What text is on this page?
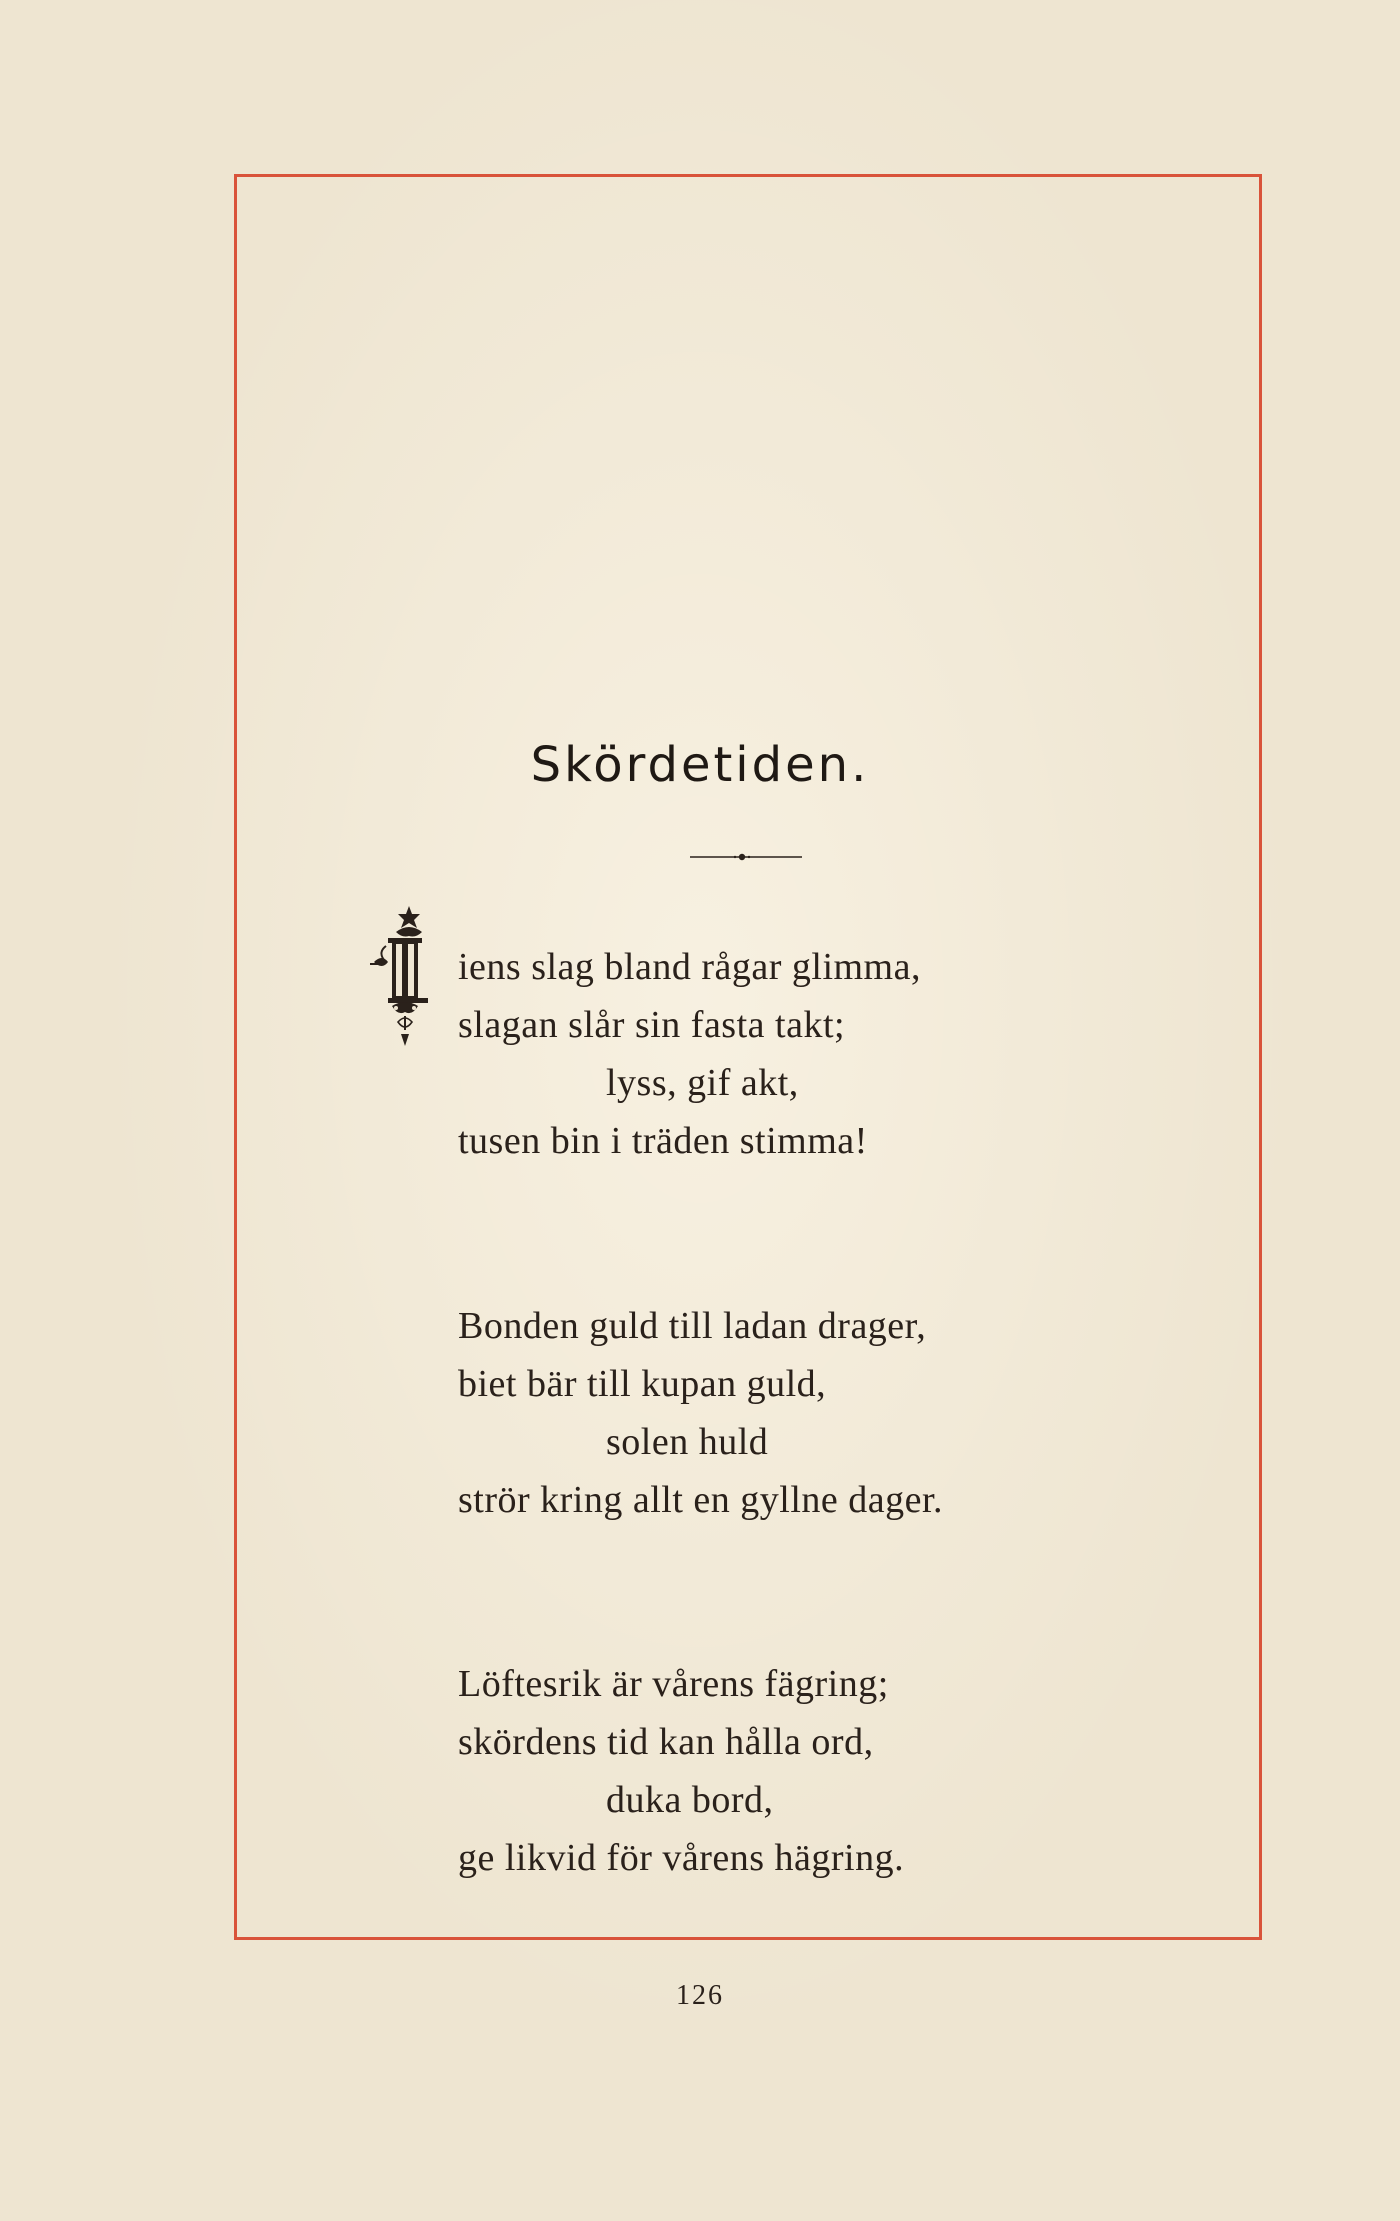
Skördetiden.
iens slag bland rågar glimma,
slagan slår sin fasta takt;
lyss, gif akt,
tusen bin i träden stimma!
Bonden guld till ladan drager,
biet bär till kupan guld,
solen huld
strör kring allt en gyllne dager.
Löftesrik är vårens fägring;
skördens tid kan hålla ord,
duka bord,
ge likvid för vårens hägring.
126
